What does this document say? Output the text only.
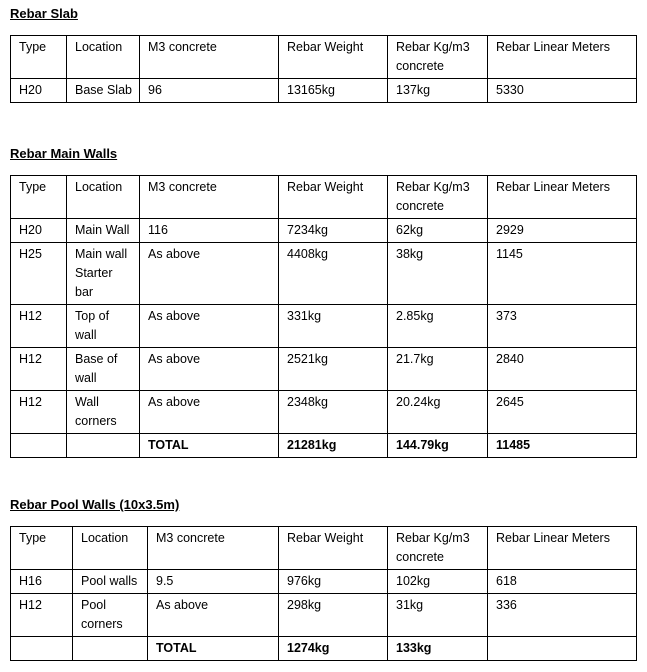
Rebar Slab
Type	Location	M3 concrete	Rebar Weight	Rebar Kg/m3 concrete	Rebar Linear Meters
H20	Base Slab	96	13165kg	137kg	5330
Rebar Main Walls
Type	Location	M3 concrete	Rebar Weight	Rebar Kg/m3 concrete	Rebar Linear Meters
H20	Main Wall	116	7234kg	62kg	2929
H25	Main wall Starter bar	As above	4408kg	38kg	1145
H12	Top of wall	As above	331kg	2.85kg	373
H12	Base of wall	As above	2521kg	21.7kg	2840
H12	Wall corners	As above	2348kg	20.24kg	2645
		TOTAL	21281kg	144.79kg	11485
Rebar Pool Walls (10x3.5m)
Type	Location	M3 concrete	Rebar Weight	Rebar Kg/m3 concrete	Rebar Linear Meters
H16	Pool walls	9.5	976kg	102kg	618
H12	Pool corners	As above	298kg	31kg	336
		TOTAL	1274kg	133kg	
